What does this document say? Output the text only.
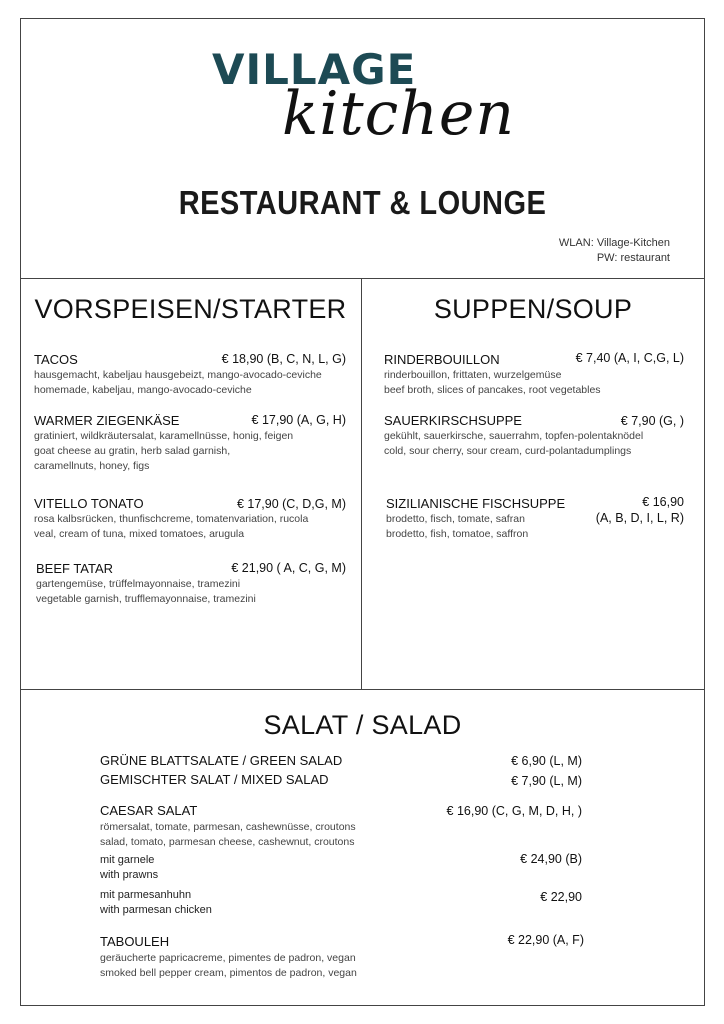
VILLAGE
kitchen
RESTAURANT & LOUNGE
WLAN: Village-Kitchen
PW: restaurant
VORSPEISEN/STARTER
TACOS
hausgemacht, kabeljau hausgebeizt, mango-avocado-ceviche
homemade, kabeljau, mango-avocado-ceviche
€ 18,90 (B, C, N, L, G)
WARMER ZIEGENKÄSE
gratiniert, wildkräutersalat, karamellnüsse, honig, feigen
goat cheese au gratin, herb salad garnish,
caramellnuts, honey, figs
€ 17,90 (A, G, H)
VITELLO TONATO
rosa kalbsrücken, thunfischcreme, tomatenvariation, rucola
veal, cream of tuna, mixed tomatoes, arugula
€ 17,90 (C, D,G, M)
BEEF TATAR
gartengemüse, trüffelmayonnaise, tramezini
vegetable garnish, trufflemayonnaise, tramezini
€ 21,90 ( A, C, G, M)
SUPPEN/SOUP
RINDERBOUILLON
rinderbouillon, frittaten, wurzelgemüse
beef broth, slices of pancakes, root vegetables
€ 7,40 (A, I, C,G, L)
SAUERKIRSCHSUPPE
gekühlt, sauerkirsche, sauerrahm, topfen-polentaknödel
cold, sour cherry, sour cream, curd-polantadumplings
€ 7,90 (G, )
SIZILIANISCHE FISCHSUPPE
brodetto, fisch, tomate, safran
brodetto, fish, tomatoe, saffron
€ 16,90
(A, B, D, I, L, R)
SALAT / SALAD
GRÜNE BLATTSALATE / GREEN SALAD	€ 6,90 (L, M)
GEMISCHTER SALAT / MIXED SALAD	€ 7,90 (L, M)
CAESAR SALAT
römersalat, tomate, parmesan, cashewnüsse, croutons
salad, tomato, parmesan cheese, cashewnut, croutons
€ 16,90 (C, G, M, D, H, )
mit garnele
with prawns
€ 24,90 (B)
mit parmesanhuhn
with parmesan chicken
€ 22,90
TABOULEH
geräucherte papricacreme, pimentes de padron, vegan
smoked bell pepper cream, pimentos de padron, vegan
€ 22,90 (A, F)
